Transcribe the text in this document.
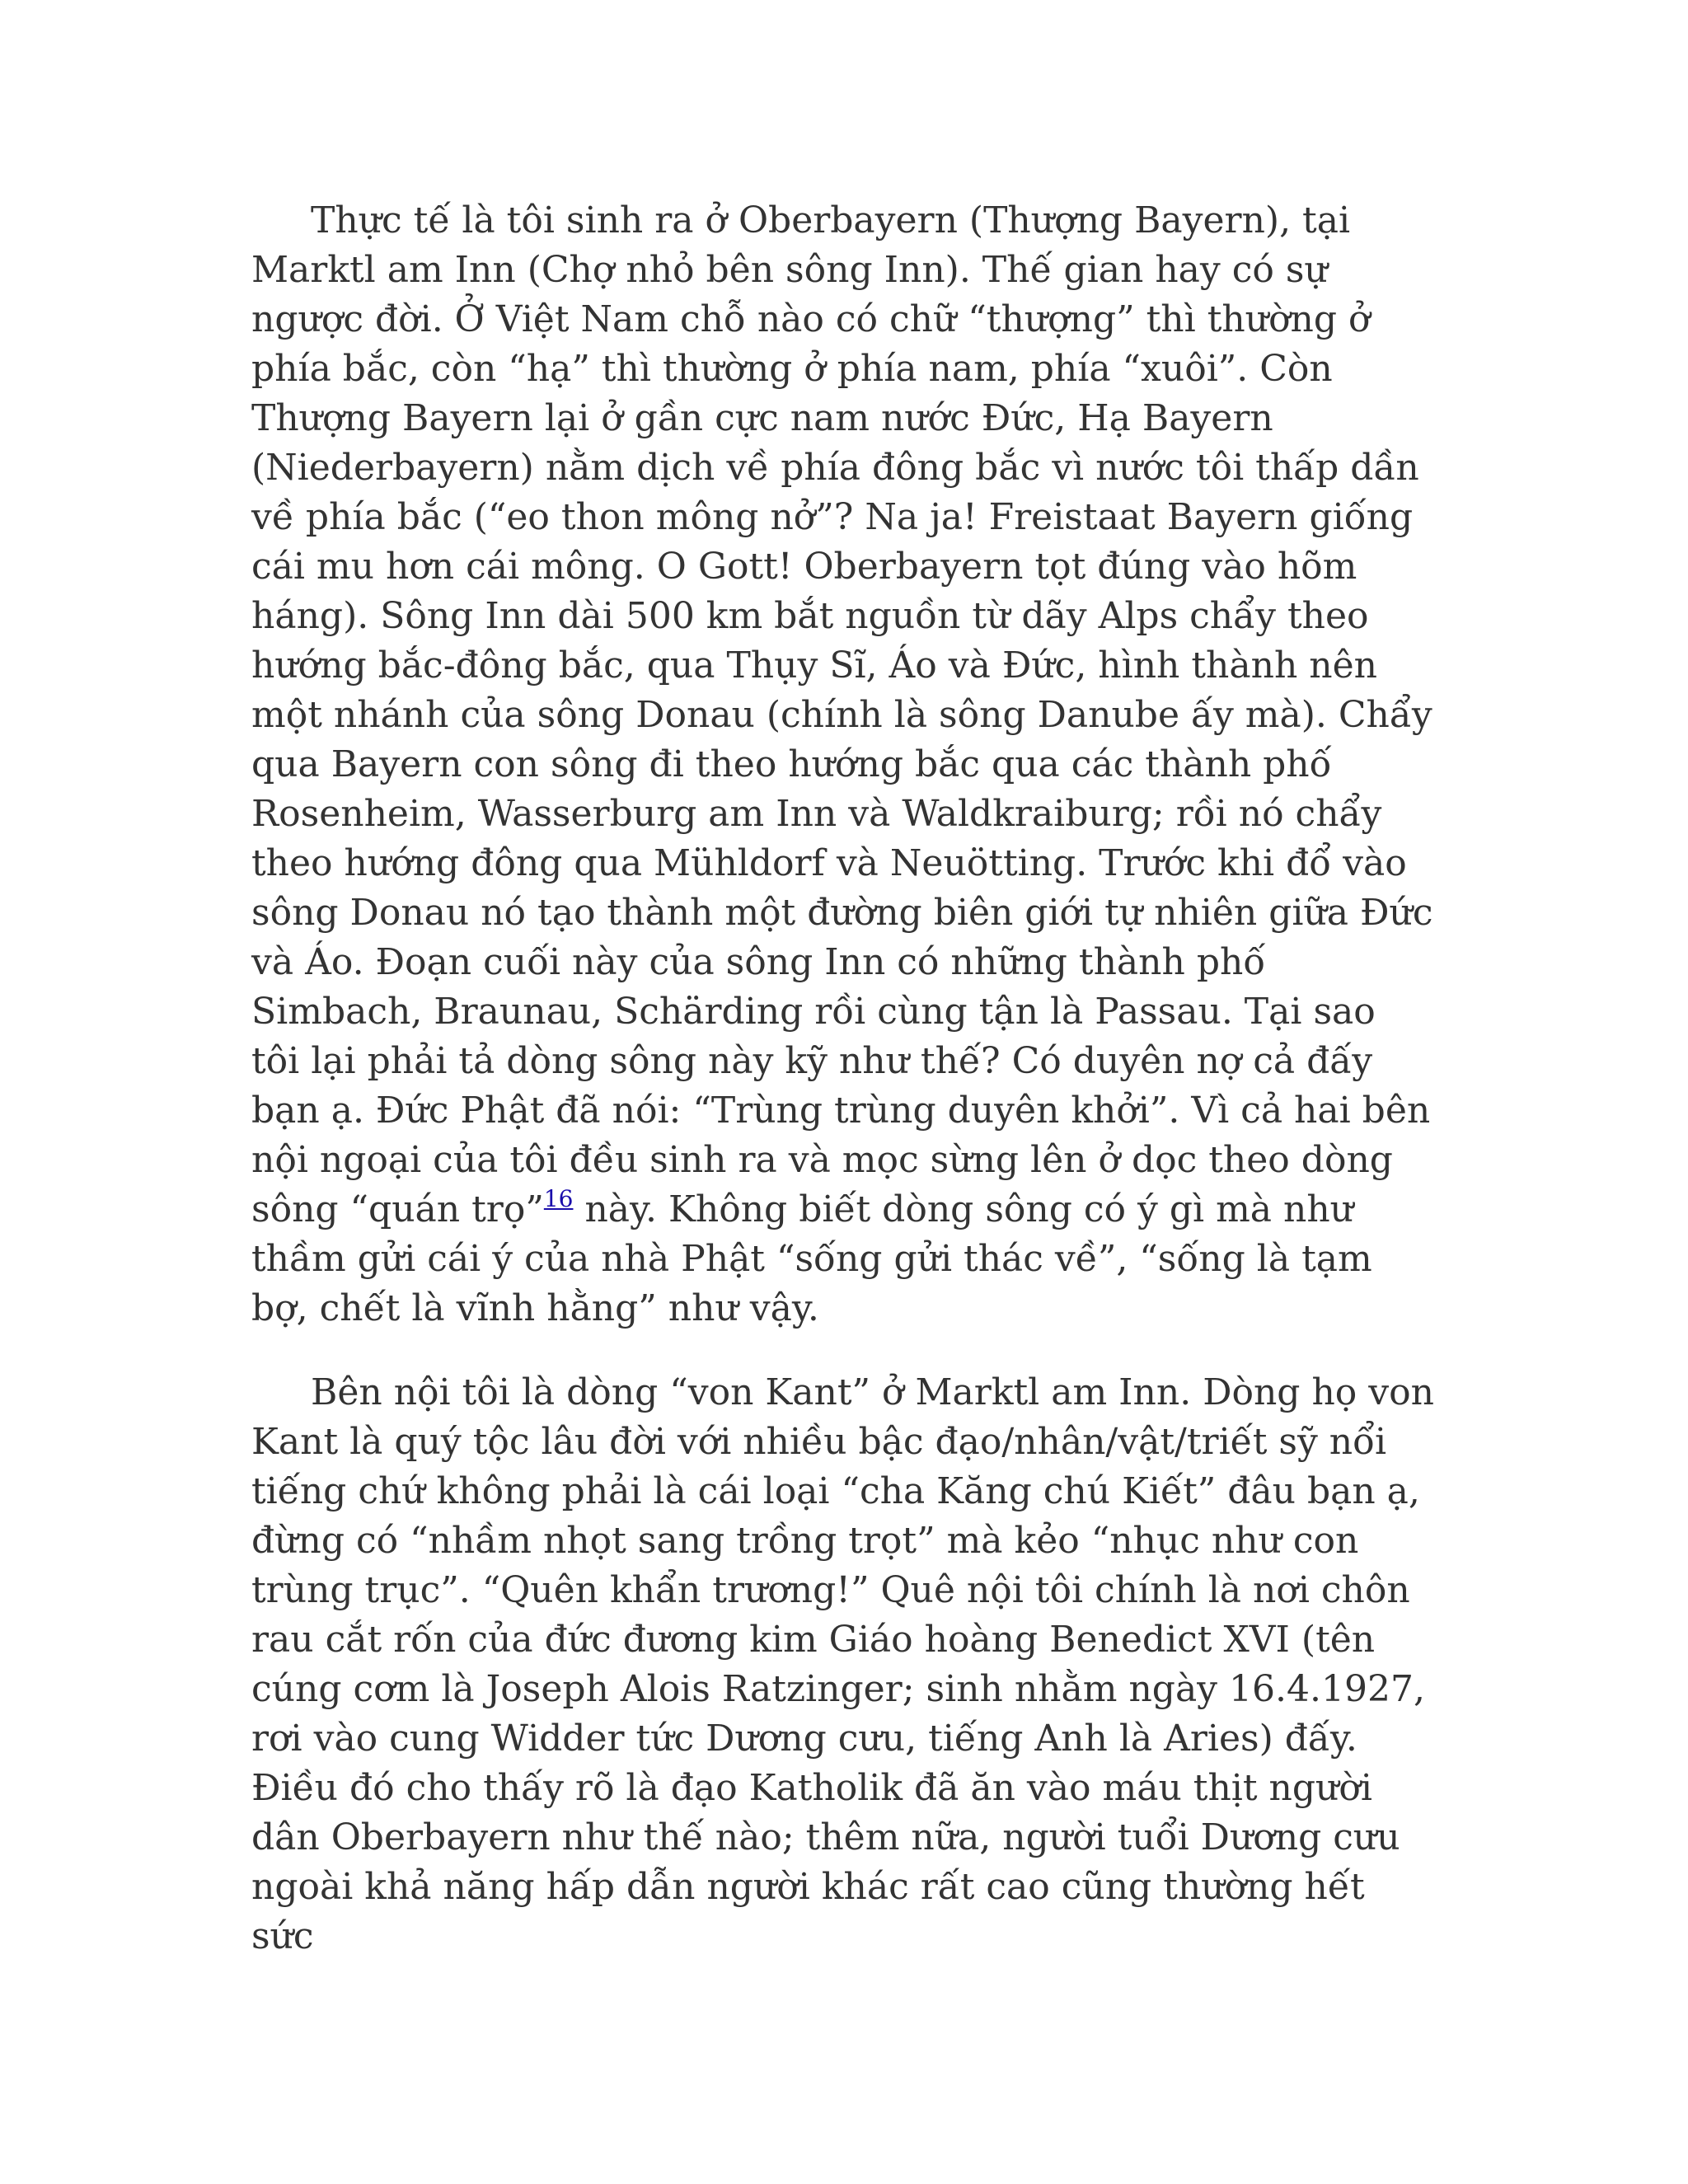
Thực tế là tôi sinh ra ở Oberbayern (Thượng Bayern), tại Marktl am Inn (Chợ nhỏ bên sông Inn). Thế gian hay có sự ngược đời. Ở Việt Nam chỗ nào có chữ “thượng” thì thường ở phía bắc, còn “hạ” thì thường ở phía nam, phía “xuôi”. Còn Thượng Bayern lại ở gần cực nam nước Đức, Hạ Bayern (Niederbayern) nằm dịch về phía đông bắc vì nước tôi thấp dần về phía bắc (“eo thon mông nở”? Na ja! Freistaat Bayern giống cái mu hơn cái mông. O Gott! Oberbayern tọt đúng vào hõm háng). Sông Inn dài 500 km bắt nguồn từ dãy Alps chẩy theo hướng bắc-đông bắc, qua Thụy Sĩ, Áo và Đức, hình thành nên một nhánh của sông Donau (chính là sông Danube ấy mà). Chẩy qua Bayern con sông đi theo hướng bắc qua các thành phố Rosenheim, Wasserburg am Inn và Waldkraiburg; rồi nó chẩy theo hướng đông qua Mühldorf và Neuötting. Trước khi đổ vào sông Donau nó tạo thành một đường biên giới tự nhiên giữa Đức và Áo. Đoạn cuối này của sông Inn có những thành phố Simbach, Braunau, Schärding rồi cùng tận là Passau. Tại sao tôi lại phải tả dòng sông này kỹ như thế? Có duyên nợ cả đấy bạn ạ. Đức Phật đã nói: “Trùng trùng duyên khởi”. Vì cả hai bên nội ngoại của tôi đều sinh ra và mọc sừng lên ở dọc theo dòng sông “quán trọ”$^{16}$ này. Không biết dòng sông có ý gì mà như thầm gửi cái ý của nhà Phật “sống gửi thác về”, “sống là tạm bợ, chết là vĩnh hằng” như vậy.

Bên nội tôi là dòng “von Kant” ở Marktl am Inn. Dòng họ von Kant là quý tộc lâu đời với nhiều bậc đạo/nhân/vật/triết sỹ nổi tiếng chứ không phải là cái loại “cha Kăng chú Kiết” đâu bạn ạ, đừng có “nhầm nhọt sang trồng trọt” mà kẻo “nhục như con trùng trục”. “Quên khẩn trương!” Quê nội tôi chính là nơi chôn rau cắt rốn của đức đương kim Giáo hoàng Benedict XVI (tên cúng cơm là Joseph Alois Ratzinger; sinh nhằm ngày 16.4.1927, rơi vào cung Widder tức Dương cưu, tiếng Anh là Aries) đấy. Điều đó cho thấy rõ là đạo Katholik đã ăn vào máu thịt người dân Oberbayern như thế nào; thêm nữa, người tuổi Dương cưu ngoài khả năng hấp dẫn người khác rất cao cũng thường hết sức
